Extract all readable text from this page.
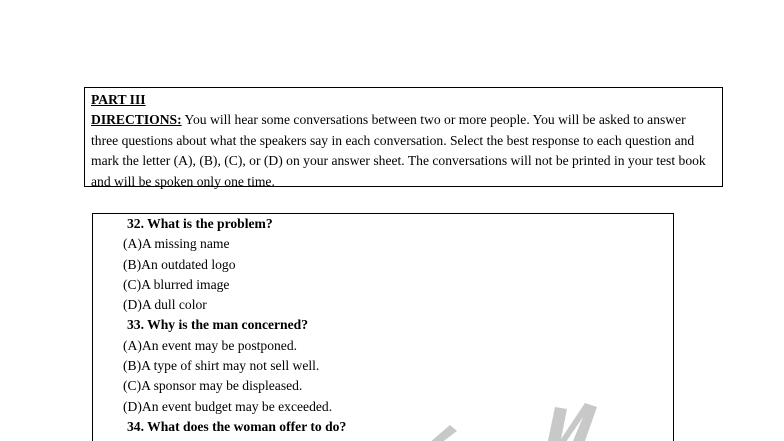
PART III
DIRECTIONS: You will hear some conversations between two or more people. You will be asked to answer three questions about what the speakers say in each conversation. Select the best response to each question and mark the letter (A), (B), (C), or (D) on your answer sheet. The conversations will not be printed in your test book and will be spoken only one time.
32. What is the problem?
(A)A missing name
(B)An outdated logo
(C)A blurred image
(D)A dull color
33. Why is the man concerned?
(A)An event may be postponed.
(B)A type of shirt may not sell well.
(C)A sponsor may be displeased.
(D)An event budget may be exceeded.
34. What does the woman offer to do?
